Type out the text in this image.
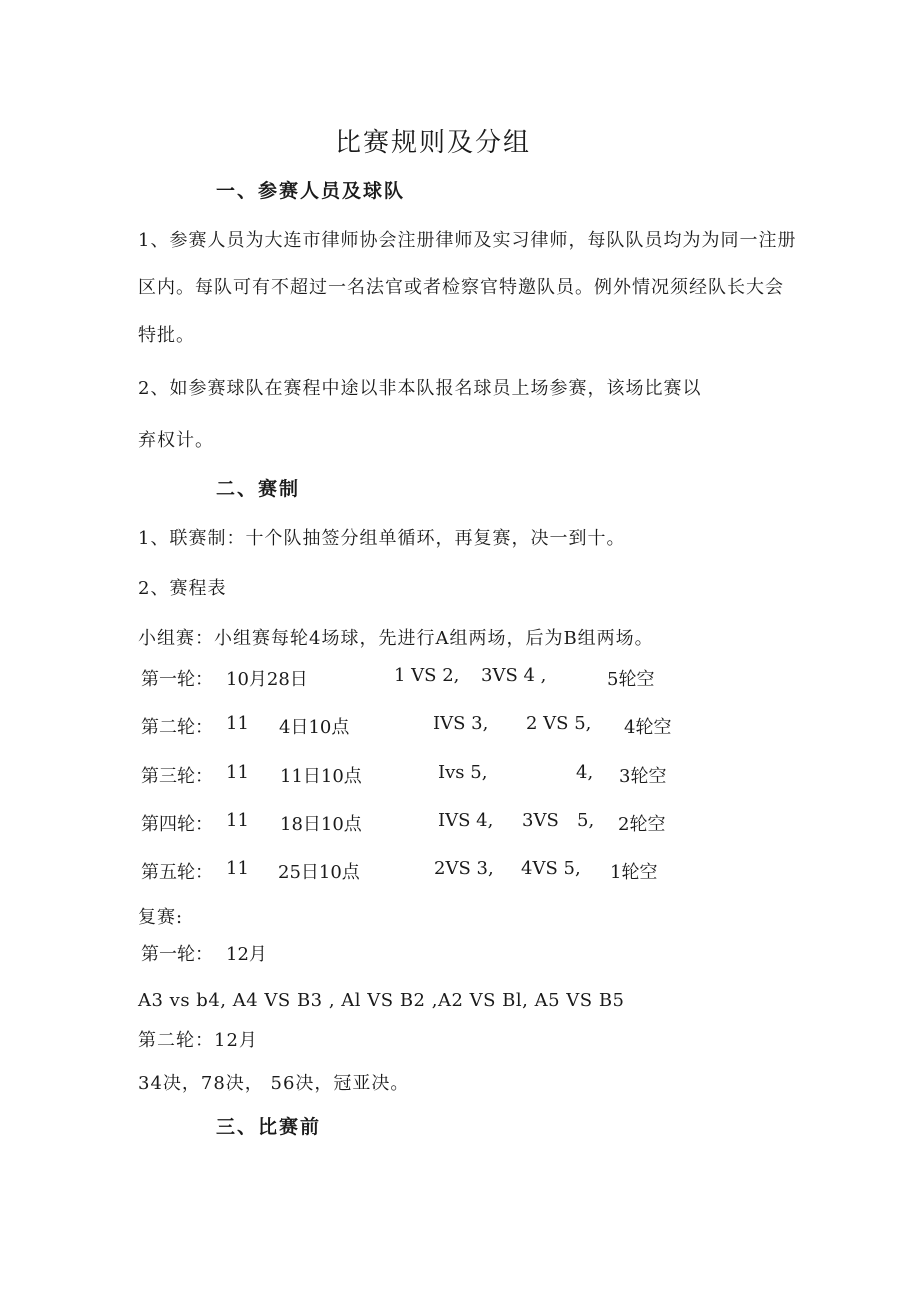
比赛规则及分组
一、参赛人员及球队
1、参赛人员为大连市律师协会注册律师及实习律师，每队队员均为为同一注册
区内。每队可有不超过一名法官或者检察官特邀队员。例外情况须经队长大会
特批。
2、如参赛球队在赛程中途以非本队报名球员上场参赛，该场比赛以
弃权计。
二、赛制
1、联赛制：十个队抽签分组单循环，再复赛，决一到十。
2、赛程表
小组赛：小组赛每轮4场球，先进行A组两场，后为B组两场。
第一轮： 10月28日	1 VS 2, 3VS 4 ,	5轮空
第二轮： 11 4日10点	IVS 3, 2 VS 5, 4轮空
第三轮： 11 11日10点	Ivs 5,	4, 3轮空
第四轮： 11 18日10点	IVS 4, 3VS 5, 2轮空
第五轮： 11 25日10点	2VS 3, 4VS 5, 1轮空
复赛:
第一轮： 12月
A3 vs b4, A4 VS B3 , Al VS B2 ,A2 VS Bl, A5 VS B5
第二轮：12月
34决，78决， 56决，冠亚决。
三、比赛前
